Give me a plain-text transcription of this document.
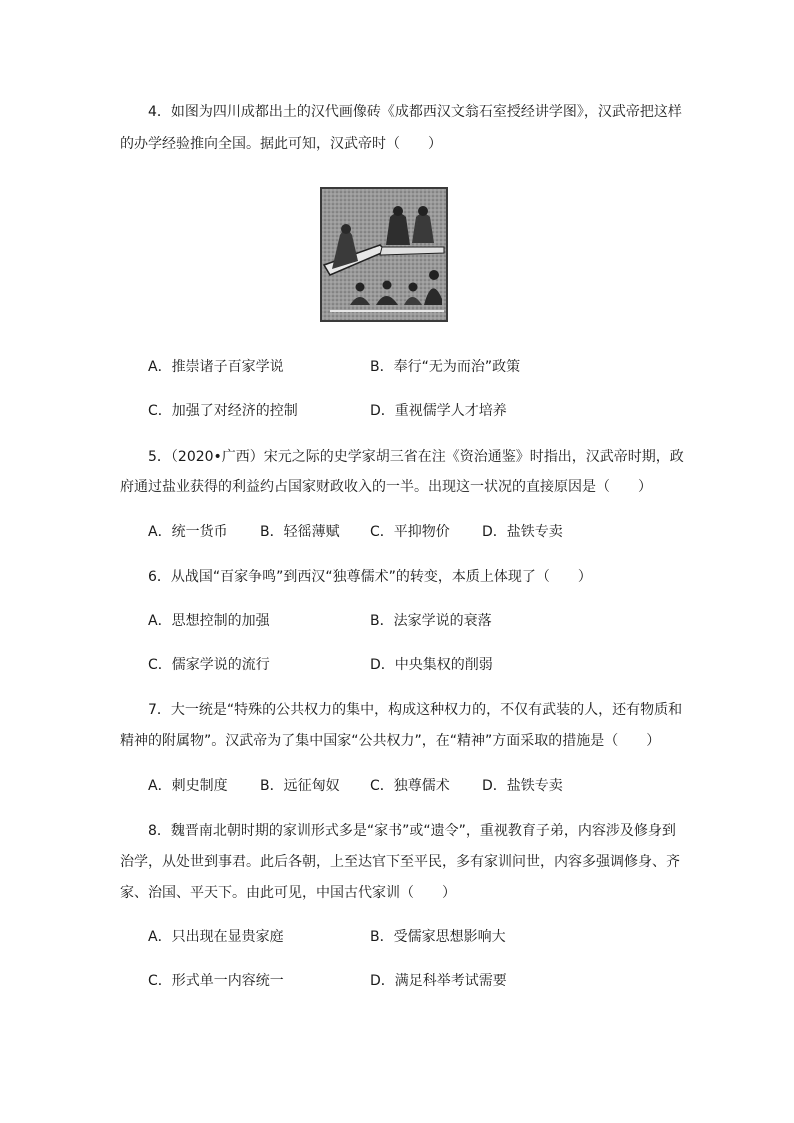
4．如图为四川成都出土的汉代画像砖《成都西汉文翁石室授经讲学图》，汉武帝把这样
的办学经验推向全国。据此可知，汉武帝时（　　）
A．推崇诸子百家学说	B．奉行“无为而治”政策
C．加强了对经济的控制	D．重视儒学人才培养
5．（2020•广西）宋元之际的史学家胡三省在注《资治通鉴》时指出，汉武帝时期，政
府通过盐业获得的利益约占国家财政收入的一半。出现这一状况的直接原因是（　　）
A．统一货币 B．轻徭薄赋 C．平抑物价 D．盐铁专卖
6．从战国“百家争鸣”到西汉“独尊儒术”的转变，本质上体现了（　　）
A．思想控制的加强	B．法家学说的衰落
C．儒家学说的流行	D．中央集权的削弱
7．大一统是“特殊的公共权力的集中，构成这种权力的，不仅有武装的人，还有物质和
精神的附属物”。汉武帝为了集中国家“公共权力”，在“精神”方面采取的措施是（　　）
A．刺史制度 B．远征匈奴 C．独尊儒术 D．盐铁专卖
8．魏晋南北朝时期的家训形式多是“家书”或“遗令”，重视教育子弟，内容涉及修身到
治学，从处世到事君。此后各朝，上至达官下至平民，多有家训问世，内容多强调修身、齐
家、治国、平天下。由此可见，中国古代家训（　　）
A．只出现在显贵家庭	B．受儒家思想影响大
C．形式单一内容统一	D．满足科举考试需要
